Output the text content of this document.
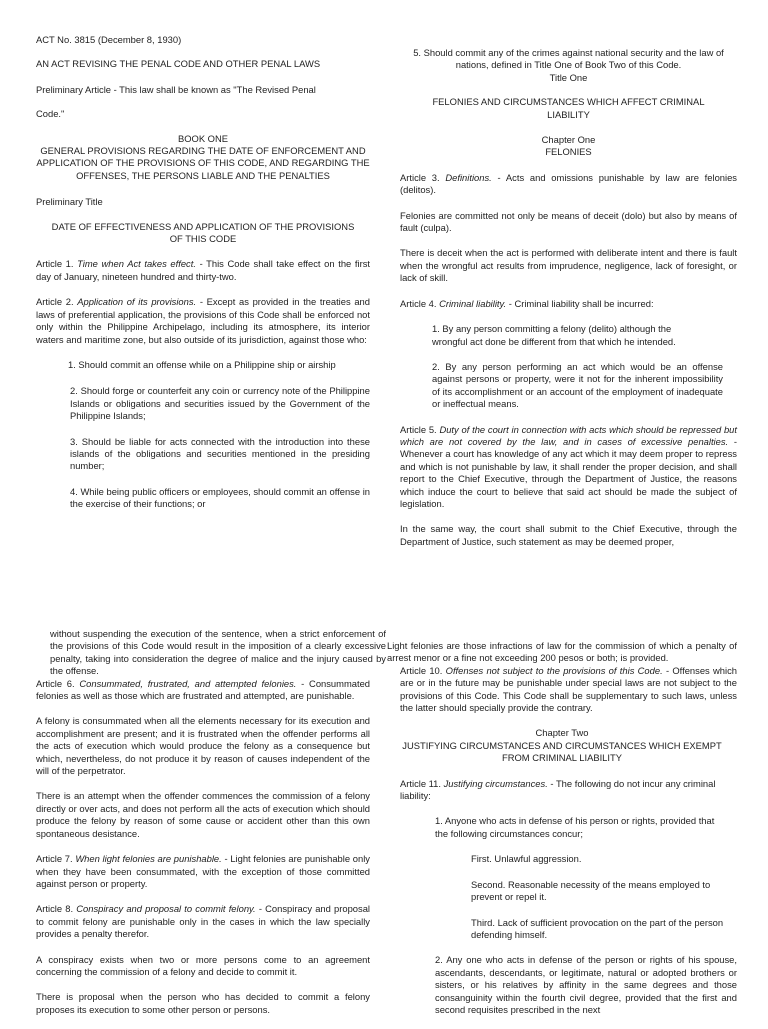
ACT No. 3815 (December 8, 1930)

AN ACT REVISING THE PENAL CODE AND OTHER PENAL LAWS

Preliminary Article - This law shall be known as "The Revised Penal

Code."

BOOK ONE

GENERAL PROVISIONS REGARDING THE DATE OF ENFORCEMENT AND APPLICATION OF THE PROVISIONS OF THIS CODE, AND REGARDING THE OFFENSES, THE PERSONS LIABLE AND THE PENALTIES

Preliminary Title

DATE OF EFFECTIVENESS AND APPLICATION OF THE PROVISIONS OF THIS CODE

Article 1. Time when Act takes effect. - This Code shall take effect on the first day of January, nineteen hundred and thirty-two.

Article 2. Application of its provisions. - Except as provided in the treaties and laws of preferential application, the provisions of this Code shall be enforced not only within the Philippine Archipelago, including its atmosphere, its interior waters and maritime zone, but also outside of its jurisdiction, against those who:

1. Should commit an offense while on a Philippine ship or airship

2. Should forge or counterfeit any coin or currency note of the Philippine Islands or obligations and securities issued by the Government of the Philippine Islands;

3. Should be liable for acts connected with the introduction into these islands of the obligations and securities mentioned in the presiding number;

4. While being public officers or employees, should commit an offense in the exercise of their functions; or

5. Should commit any of the crimes against national security and the law of nations, defined in Title One of Book Two of this Code.

Title One

FELONIES AND CIRCUMSTANCES WHICH AFFECT CRIMINAL LIABILITY

Chapter One

FELONIES

Article 3. Definitions. - Acts and omissions punishable by law are felonies (delitos).

Felonies are committed not only be means of deceit (dolo) but also by means of fault (culpa).

There is deceit when the act is performed with deliberate intent and there is fault when the wrongful act results from imprudence, negligence, lack of foresight, or lack of skill.

Article 4. Criminal liability. - Criminal liability shall be incurred:

1. By any person committing a felony (delito) although the wrongful act done be different from that which he intended.

2. By any person performing an act which would be an offense against persons or property, were it not for the inherent impossibility of its accomplishment or an account of the employment of inadequate or ineffectual means.

Article 5. Duty of the court in connection with acts which should be repressed but which are not covered by the law, and in cases of excessive penalties. - Whenever a court has knowledge of any act which it may deem proper to repress and which is not punishable by law, it shall render the proper decision, and shall report to the Chief Executive, through the Department of Justice, the reasons which induce the court to believe that said act should be made the subject of legislation.

In the same way, the court shall submit to the Chief Executive, through the Department of Justice, such statement as may be deemed proper,

without suspending the execution of the sentence, when a strict enforcement of the provisions of this Code would result in the imposition of a clearly excessive penalty, taking into consideration the degree of malice and the injury caused by the offense.

Article 6. Consummated, frustrated, and attempted felonies. - Consummated felonies as well as those which are frustrated and attempted, are punishable.

A felony is consummated when all the elements necessary for its execution and accomplishment are present; and it is frustrated when the offender performs all the acts of execution which would produce the felony as a consequence but which, nevertheless, do not produce it by reason of causes independent of the will of the perpetrator.

There is an attempt when the offender commences the commission of a felony directly or over acts, and does not perform all the acts of execution which should produce the felony by reason of some cause or accident other than this own spontaneous desistance.

Article 7. When light felonies are punishable. - Light felonies are punishable only when they have been consummated, with the exception of those committed against person or property.

Article 8. Conspiracy and proposal to commit felony. - Conspiracy and proposal to commit felony are punishable only in the cases in which the law specially provides a penalty therefor.

A conspiracy exists when two or more persons come to an agreement concerning the commission of a felony and decide to commit it.

There is proposal when the person who has decided to commit a felony proposes its execution to some other person or persons.

Light felonies are those infractions of law for the commission of which a penalty of arrest menor or a fine not exceeding 200 pesos or both; is provided.

Article 10. Offenses not subject to the provisions of this Code. - Offenses which are or in the future may be punishable under special laws are not subject to the provisions of this Code. This Code shall be supplementary to such laws, unless the latter should specially provide the contrary.

Chapter Two

JUSTIFYING CIRCUMSTANCES AND CIRCUMSTANCES WHICH EXEMPT FROM CRIMINAL LIABILITY

Article 11. Justifying circumstances. - The following do not incur any criminal liability:

1. Anyone who acts in defense of his person or rights, provided that the following circumstances concur;

First. Unlawful aggression.

Second. Reasonable necessity of the means employed to prevent or repel it.

Third. Lack of sufficient provocation on the part of the person defending himself.

2. Any one who acts in defense of the person or rights of his spouse, ascendants, descendants, or legitimate, natural or adopted brothers or sisters, or his relatives by affinity in the same degrees and those consanguinity within the fourth civil degree, provided that the first and second requisites prescribed in the next
